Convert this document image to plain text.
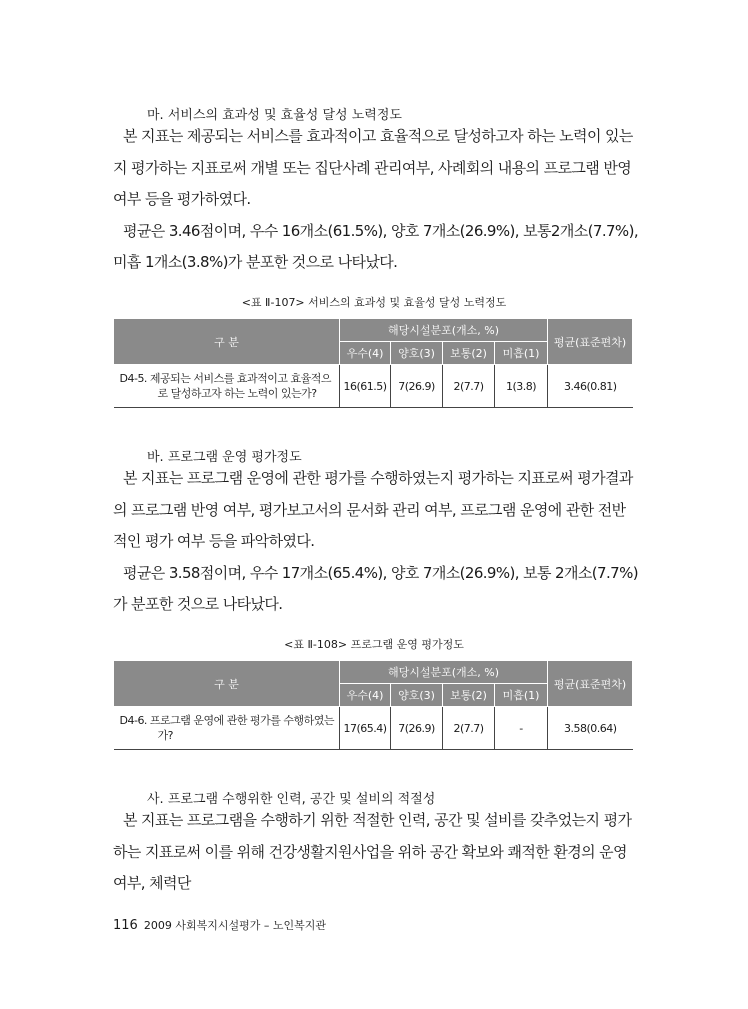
마. 서비스의 효과성 및 효율성 달성 노력정도

본 지표는 제공되는 서비스를 효과적이고 효율적으로 달성하고자 하는 노력이 있는지 평가하는 지표로써 개별 또는 집단사례 관리여부, 사례회의 내용의 프로그램 반영 여부 등을 평가하였다.

평균은 3.46점이며, 우수 16개소(61.5%), 양호 7개소(26.9%), 보통2개소(7.7%), 미흡 1개소(3.8%)가 분포한 것으로 나타났다.

<표 Ⅱ-107> 서비스의 효과성 및 효율성 달성 노력정도
구 분	해당시설분포(개소, %)				평균(표준편차)
	우수(4)	양호(3)	보통(2)	미흡(1)	

D4-5. 제공되는 서비스를 효과적이고 효율적으로 달성하고자 하는 노력이 있는가?	16(61.5)	7(26.9)	2(7.7)	1(3.8)	3.46(0.81)
바. 프로그램 운영 평가정도

본 지표는 프로그램 운영에 관한 평가를 수행하였는지 평가하는 지표로써 평가결과의 프로그램 반영 여부, 평가보고서의 문서화 관리 여부, 프로그램 운영에 관한 전반적인 평가 여부 등을 파악하였다.

평균은 3.58점이며, 우수 17개소(65.4%), 양호 7개소(26.9%), 보통 2개소(7.7%)가 분포한 것으로 나타났다.

<표 Ⅱ-108> 프로그램 운영 평가정도
구 분	해당시설분포(개소, %)				평균(표준편차)
	우수(4)	양호(3)	보통(2)	미흡(1)	

D4-6. 프로그램 운영에 관한 평가를 수행하였는가?	17(65.4)	7(26.9)	2(7.7)	-	3.58(0.64)
사. 프로그램 수행위한 인력, 공간 및 설비의 적절성

본 지표는 프로그램을 수행하기 위한 적절한 인력, 공간 및 설비를 갖추었는지 평가하는 지표로써 이를 위해 건강생활지원사업을 위하 공간 확보와 쾌적한 환경의 운영 여부, 체력단

116 2009 사회복지시설평가 – 노인복지관
